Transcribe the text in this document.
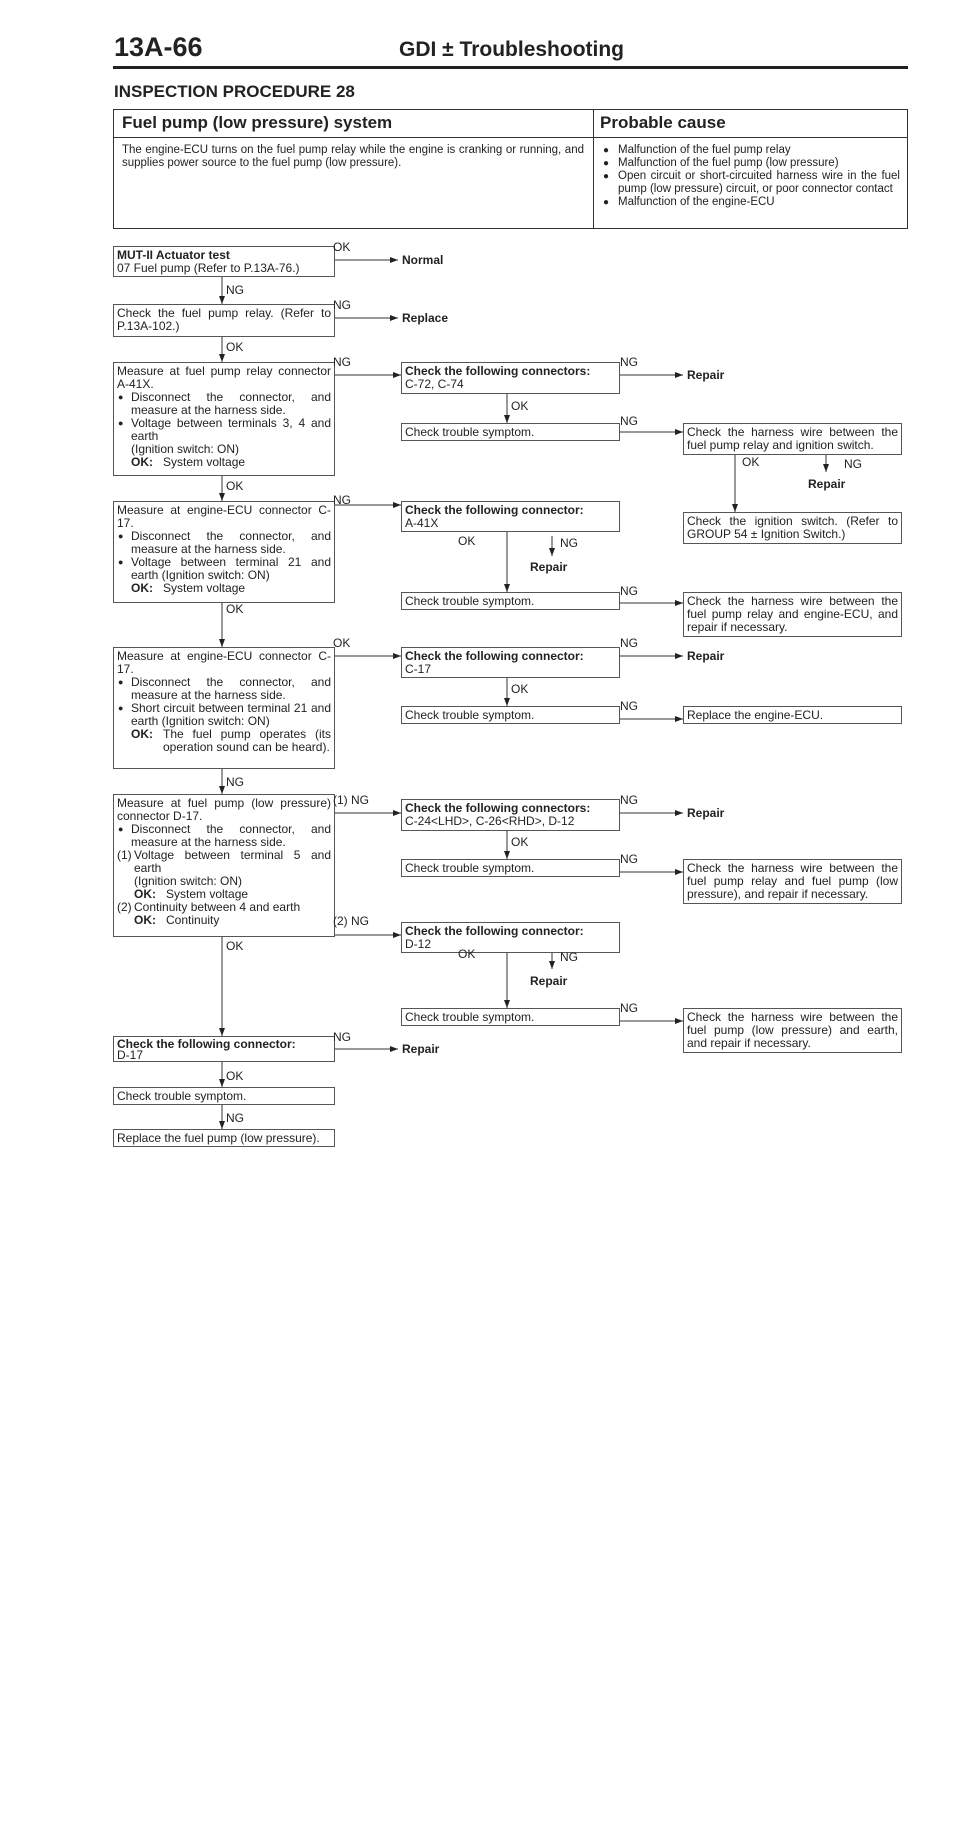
13A-66	GDI ± Troubleshooting
INSPECTION PROCEDURE 28
Fuel pump (low pressure) system	Probable cause
The engine-ECU turns on the fuel pump relay while the engine is cranking or running, and supplies power source to the fuel pump (low pressure).
● Malfunction of the fuel pump relay
● Malfunction of the fuel pump (low pressure)
● Open circuit or short-circuited harness wire in the fuel pump (low pressure) circuit, or poor connector contact
● Malfunction of the engine-ECU
MUT-II Actuator test
07 Fuel pump (Refer to P.13A-76.)
Check the fuel pump relay. (Refer to P.13A-102.)
Measure at fuel pump relay connector A-41X.
● Disconnect the connector, and measure at the harness side.
● Voltage between terminals 3, 4 and earth
(Ignition switch: ON)
OK: System voltage
Check the following connectors:
C-72, C-74
Check trouble symptom.	Check the harness wire between the fuel pump relay and ignition switch.
Check the ignition switch. (Refer to GROUP 54 ± Ignition Switch.)
Measure at engine-ECU connector C-17.
● Disconnect the connector, and measure at the harness side.
● Voltage between terminal 21 and earth (Ignition switch: ON)
OK: System voltage
Check the following connector:
A-41X
Check trouble symptom.	Check the harness wire between the fuel pump relay and engine-ECU, and repair if necessary.
Measure at engine-ECU connector C-17.
● Disconnect the connector, and measure at the harness side.
● Short circuit between terminal 21 and earth (Ignition switch: ON)
OK: The fuel pump operates (its operation sound can be heard).
Check the following connector:
C-17
Check trouble symptom.	Replace the engine-ECU.
Measure at fuel pump (low pressure) connector D-17.
● Disconnect the connector, and measure at the harness side.
(1) Voltage between terminal 5 and earth
(Ignition switch: ON)
OK: System voltage
(2) Continuity between 4 and earth
OK: Continuity
Check the following connectors:
C-24<LHD>, C-26<RHD>, D-12
Check trouble symptom.	Check the harness wire between the fuel pump relay and fuel pump (low pressure), and repair if necessary.
Check the following connector:
D-12
Check trouble symptom.	Check the harness wire between the fuel pump (low pressure) and earth, and repair if necessary.
Check the following connector:
D-17
Check trouble symptom.
Replace the fuel pump (low pressure).
OK
NG
NG
OK
NG	NG
OK
NG
OK	NG
OK
NG
OK	NG
OK
NG
OK	NG
OK
NG
NG
(1) NG	NG
OK
NG
(2) NG
OK
OK	NG
NG
NG
OK
NG
Normal
Replace
Repair
Repair
Repair
Repair
Repair
Repair
Repair
